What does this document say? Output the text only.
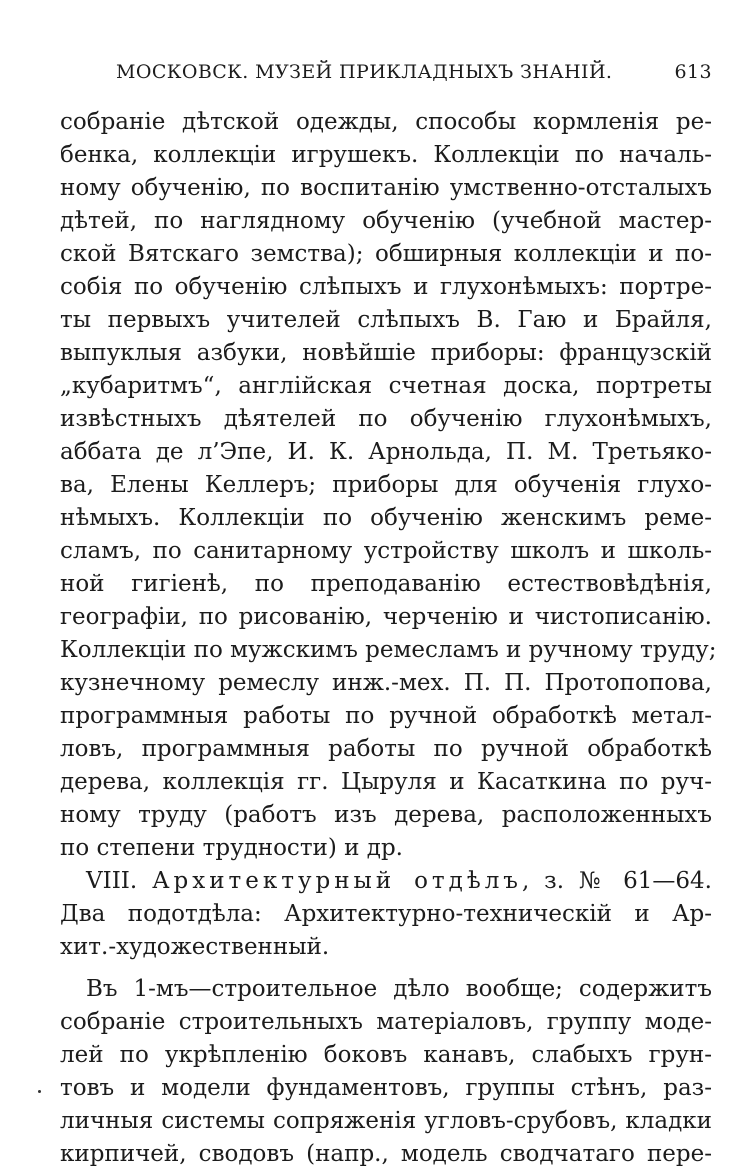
МОСКОВСК. МУЗЕЙ ПРИКЛАДНЫХЪ ЗНАНІЙ.	613
собраніе дѣтской одежды, способы кормленія ре-
бенка, коллекціи игрушекъ. Коллекціи по началь-
ному обученію, по воспитанію умственно-отсталыхъ
дѣтей, по наглядному обученію (учебной мастер-
ской Вятскаго земства); обширныя коллекціи и по-
собія по обученію слѣпыхъ и глухонѣмыхъ: портре-
ты первыхъ учителей слѣпыхъ В. Гаю и Брайля,
выпуклыя азбуки, новѣйшіе приборы: французскій
„кубаритмъ“, англійская счетная доска, портреты
извѣстныхъ дѣятелей по обученію глухонѣмыхъ,
аббата де л’Эпе, И. К. Арнольда, П. М. Третьяко-
ва, Елены Келлеръ; приборы для обученія глухо-
нѣмыхъ. Коллекціи по обученію женскимъ реме-
сламъ, по санитарному устройству школъ и школь-
ной гигіенѣ, по преподаванію естествовѣдѣнія,
географіи, по рисованію, черченію и чистописанію.
Коллекціи по мужскимъ ремесламъ и ручному труду;
кузнечному ремеслу инж.-мех. П. П. Протопопова,
программныя работы по ручной обработкѣ метал-
ловъ, программныя работы по ручной обработкѣ
дерева, коллекція гг. Цыруля и Касаткина по руч-
ному труду (работъ изъ дерева, расположенныхъ
по степени трудности) и др.
VIII. Архитектурный отдѣлъ, з. № 61—64.
Два подотдѣла: Архитектурно-техническій и Ар-
хит.-художественный.
Въ 1-мъ—строительное дѣло вообще; содержитъ
собраніе строительныхъ матеріаловъ, группу моде-
лей по укрѣпленію боковъ канавъ, слабыхъ грун-
товъ и модели фундаментовъ, группы стѣнъ, раз-
личныя системы сопряженія угловъ-срубовъ, кладки
кирпичей, сводовъ (напр., модель сводчатаго пере-
